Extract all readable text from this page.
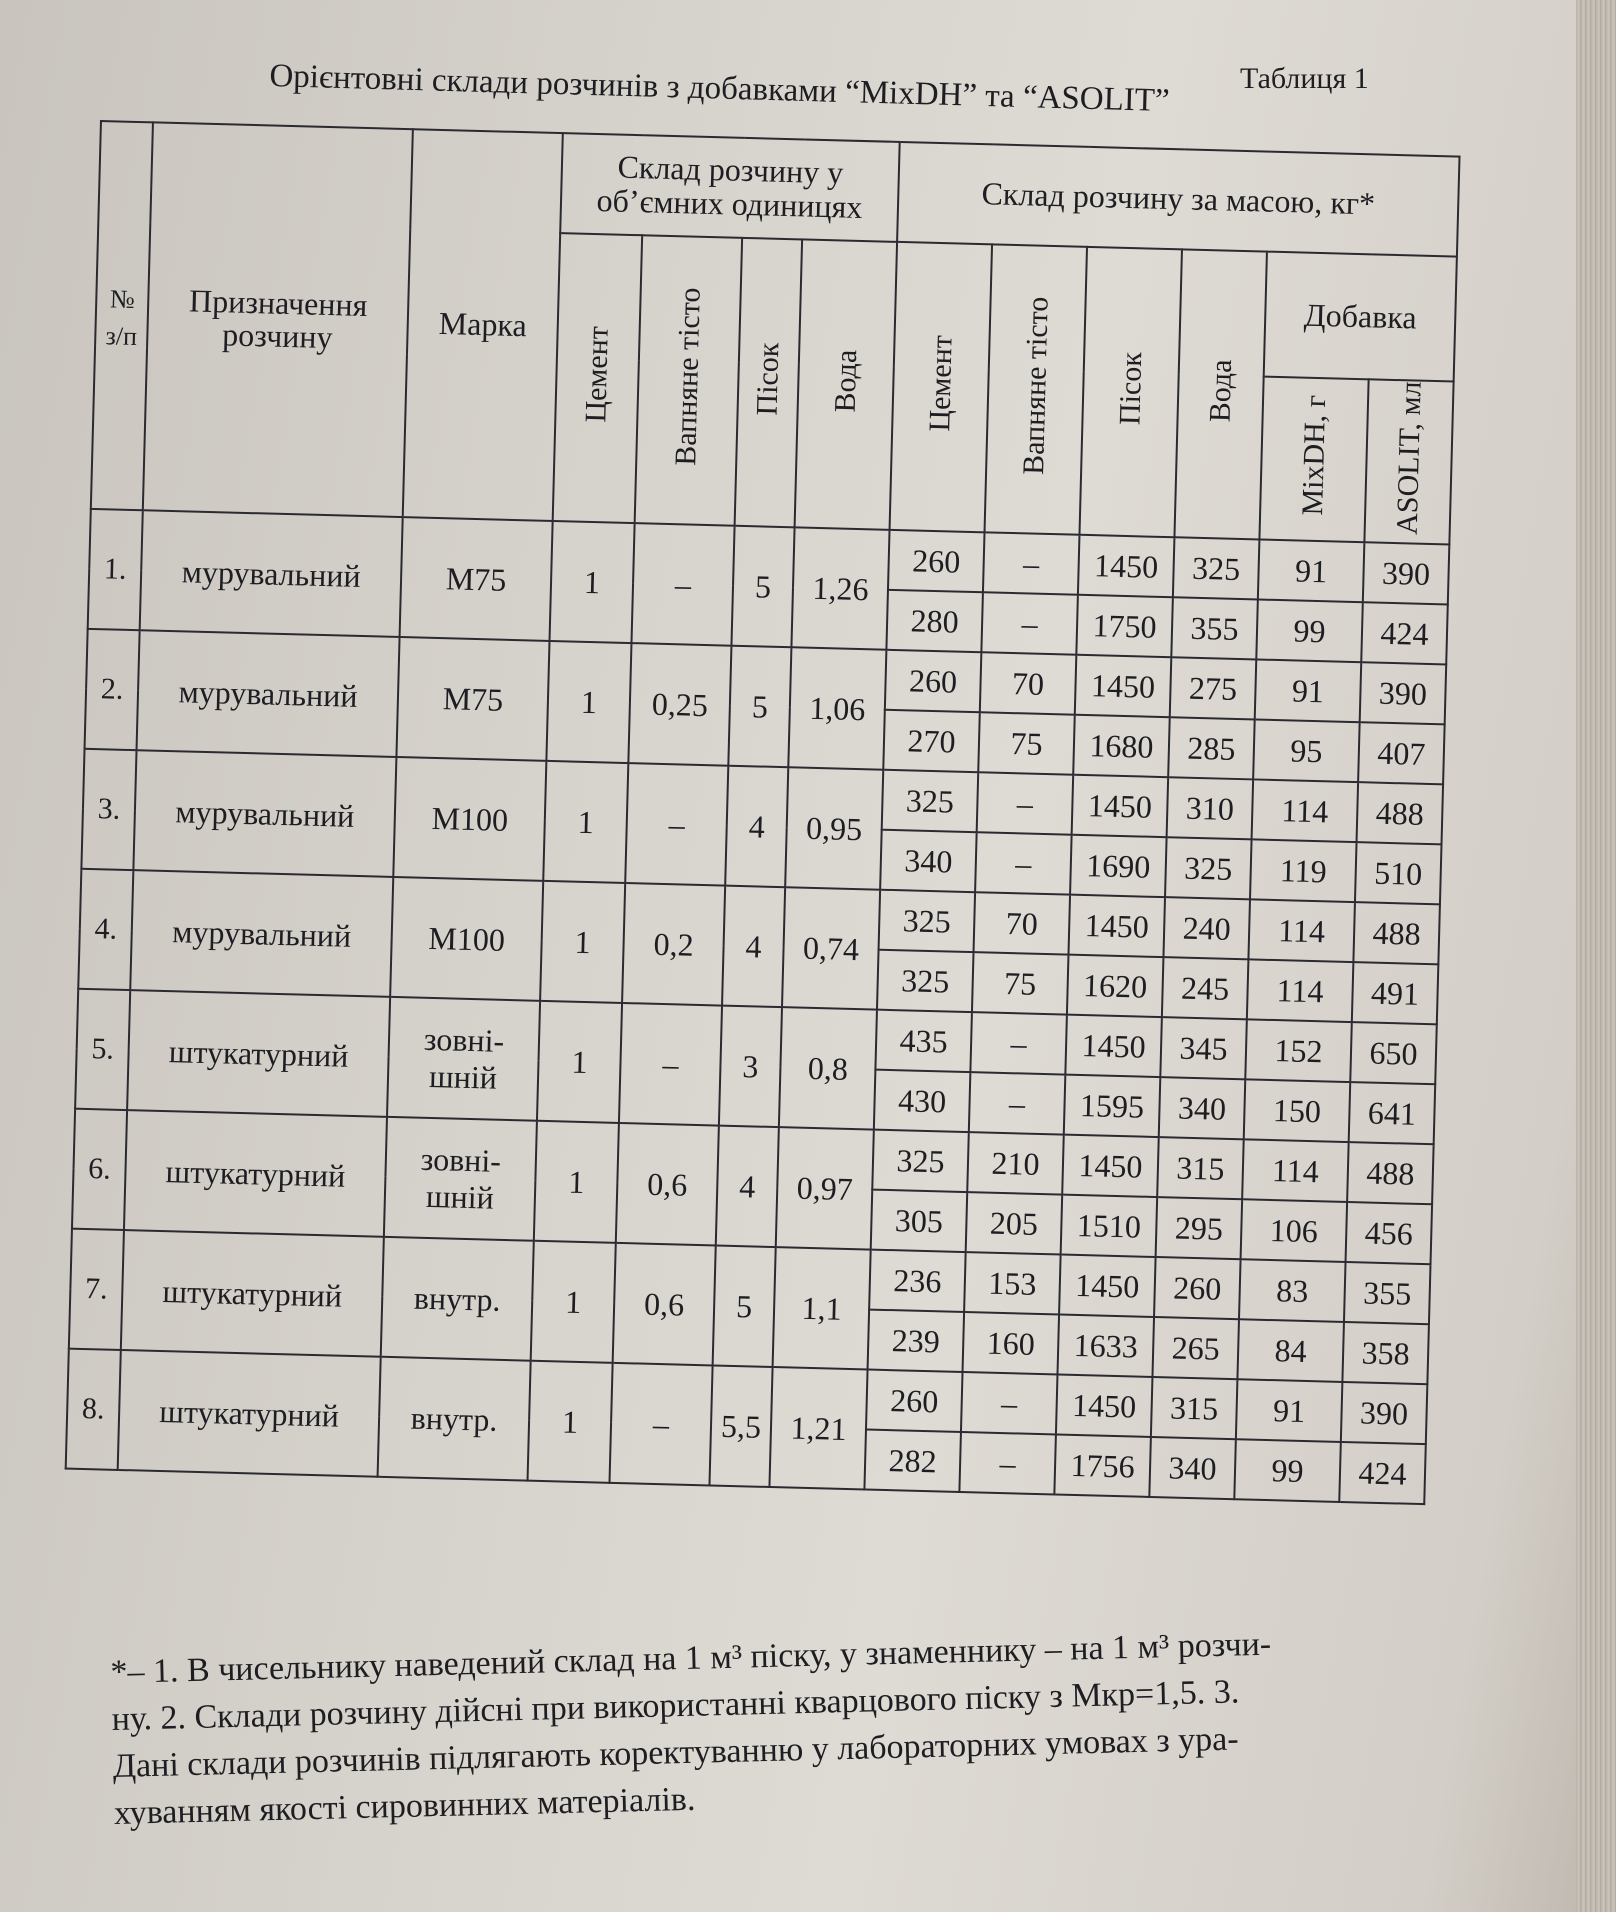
Таблиця 1
Орієнтовні склади розчинів з добавками “MixDH” та “ASOLIT”
№ з/п	Призначення розчину	Марка	Склад розчину у об’ємних одиницях				Склад розчину за масою, кг*					
			Цемент	Вапняне тісто	Пісок	Вода	Цемент	Вапняне тісто	Пісок	Вода	Добавка	
											MixDH, г	ASOLIT, мл
1.	мурувальний	М75	1	–	5	1,26	260	–	1450	325	91	390
							280	–	1750	355	99	424
2.	мурувальний	М75	1	0,25	5	1,06	260	70	1450	275	91	390
							270	75	1680	285	95	407
3.	мурувальний	М100	1	–	4	0,95	325	–	1450	310	114	488
							340	–	1690	325	119	510
4.	мурувальний	М100	1	0,2	4	0,74	325	70	1450	240	114	488
							325	75	1620	245	114	491
5.	штукатурний	зовні-шній	1	–	3	0,8	435	–	1450	345	152	650
							430	–	1595	340	150	641
6.	штукатурний	зовні-шній	1	0,6	4	0,97	325	210	1450	315	114	488
							305	205	1510	295	106	456
7.	штукатурний	внутр.	1	0,6	5	1,1	236	153	1450	260	83	355
							239	160	1633	265	84	358
8.	штукатурний	внутр.	1	–	5,5	1,21	260	–	1450	315	91	390
							282	–	1756	340	99	424
*– 1. В чисельнику наведений склад на 1 м³ піску, у знаменнику – на 1 м³ розчи-
ну. 2. Склади розчину дійсні при використанні кварцового піску з Мкр=1,5. 3.
Дані склади розчинів підлягають коректуванню у лабораторних умовах з ура-
хуванням якості сировинних матеріалів.
